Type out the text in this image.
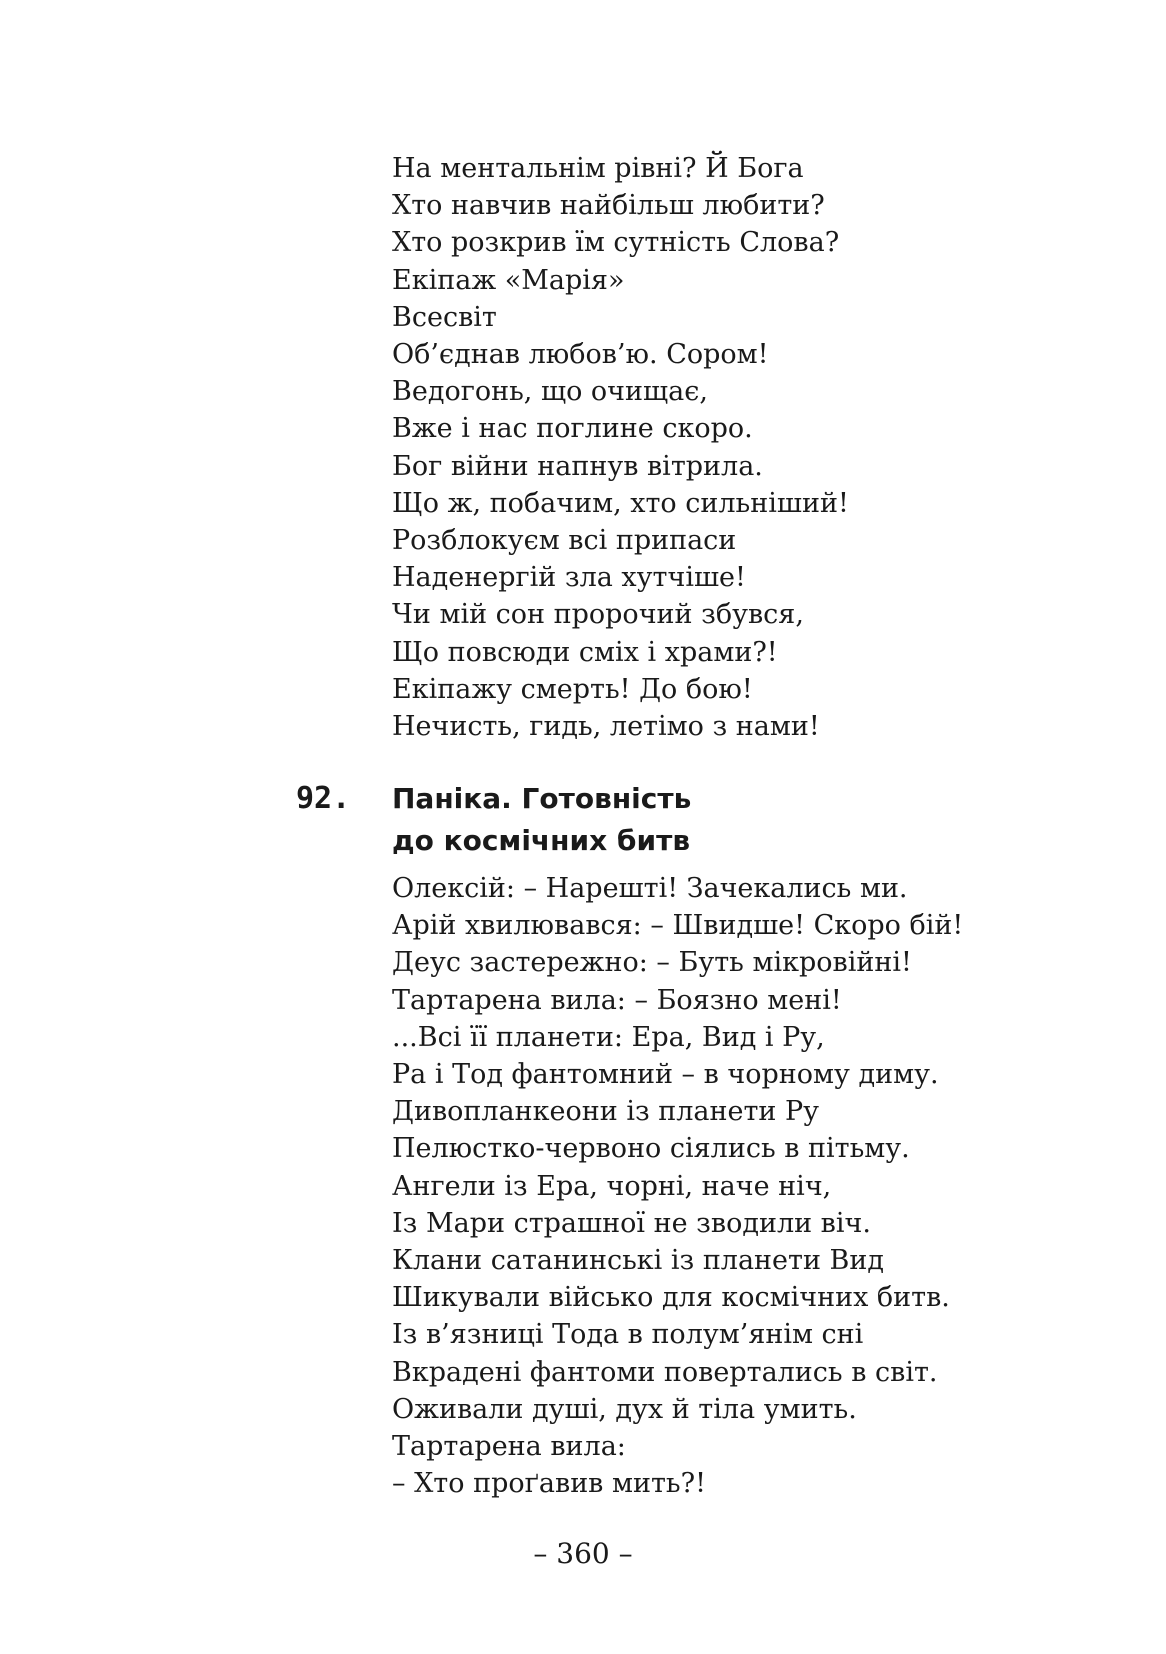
На ментальнім рівні? Й Бога
Хто навчив найбільш любити?
Хто розкрив їм сутність Слова?
Екіпаж «Марія»
Всесвіт
Об’єднав любов’ю. Сором!
Ведогонь, що очищає,
Вже і нас поглине скоро.
Бог війни напнув вітрила.
Що ж, побачим, хто сильніший!
Розблокуєм всі припаси
Наденергій зла хутчіше!
Чи мій сон пророчий збувся,
Що повсюди сміх і храми?!
Екіпажу смерть! До бою!
Нечисть, гидь, летімо з нами!
92. Паніка. Готовність
до космічних битв
Олексій: – Нарешті! Зачекались ми.
Арій хвилювався: – Швидше! Скоро бій!
Деус застережно: – Буть мікровійні!
Тартарена вила: – Боязно мені!
...Всі її планети: Ера, Вид і Ру,
Ра і Тод фантомний – в чорному диму.
Дивопланкеони із планети Ру
Пелюстко-червоно сіялись в пітьму.
Ангели із Ера, чорні, наче ніч,
Із Мари страшної не зводили віч.
Клани сатанинські із планети Вид
Шикували військо для космічних битв.
Із в’язниці Тода в полум’янім сні
Вкрадені фантоми повертались в світ.
Оживали душі, дух й тіла умить.
Тартарена вила:
– Хто проґавив мить?!
– 360 –
